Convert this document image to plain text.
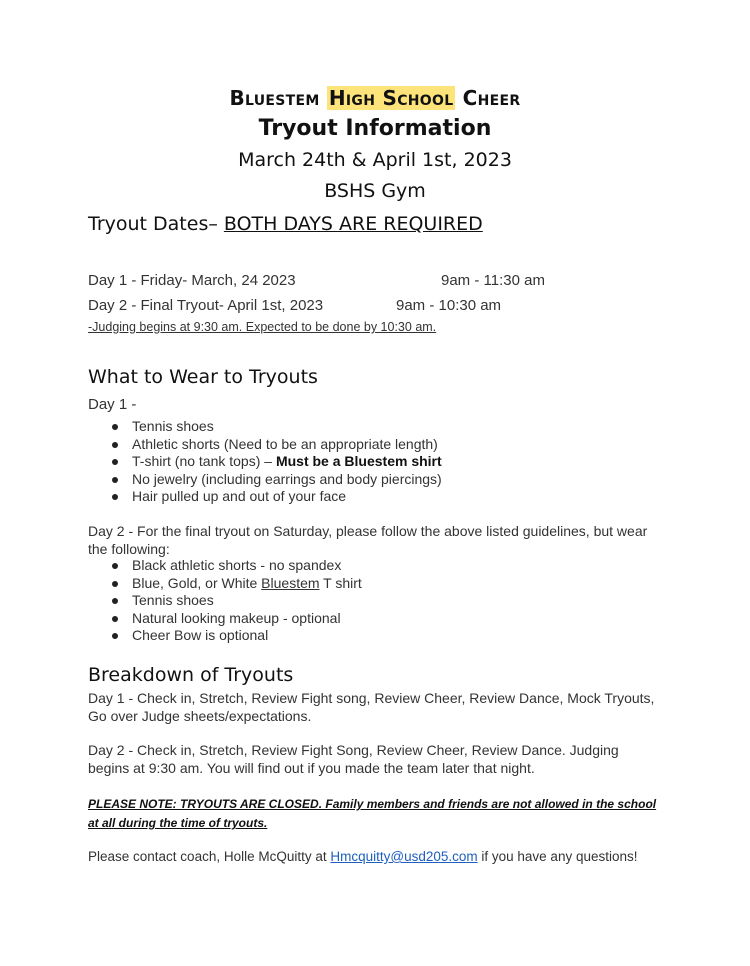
Bluestem High School Cheer
Tryout Information
March 24th & April 1st, 2023
BSHS Gym
Tryout Dates– BOTH DAYS ARE REQUIRED
Day 1 - Friday- March, 24 2023	9am - 11:30 am
Day 2 - Final Tryout- April 1st, 2023	9am - 10:30 am
-Judging begins at 9:30 am. Expected to be done by 10:30 am.
What to Wear to Tryouts
Day 1 -
Tennis shoes
Athletic shorts (Need to be an appropriate length)
T-shirt (no tank tops) – Must be a Bluestem shirt
No jewelry (including earrings and body piercings)
Hair pulled up and out of your face
Day 2 - For the final tryout on Saturday, please follow the above listed guidelines, but wear the following:
Black athletic shorts - no spandex
Blue, Gold, or White Bluestem T shirt
Tennis shoes
Natural looking makeup - optional
Cheer Bow is optional
Breakdown of Tryouts
Day 1 - Check in, Stretch, Review Fight song, Review Cheer, Review Dance, Mock Tryouts, Go over Judge sheets/expectations.
Day 2 - Check in, Stretch, Review Fight Song, Review Cheer, Review Dance. Judging begins at 9:30 am. You will find out if you made the team later that night.
PLEASE NOTE: TRYOUTS ARE CLOSED. Family members and friends are not allowed in the school at all during the time of tryouts.
Please contact coach, Holle McQuitty at Hmcquitty@usd205.com if you have any questions!
